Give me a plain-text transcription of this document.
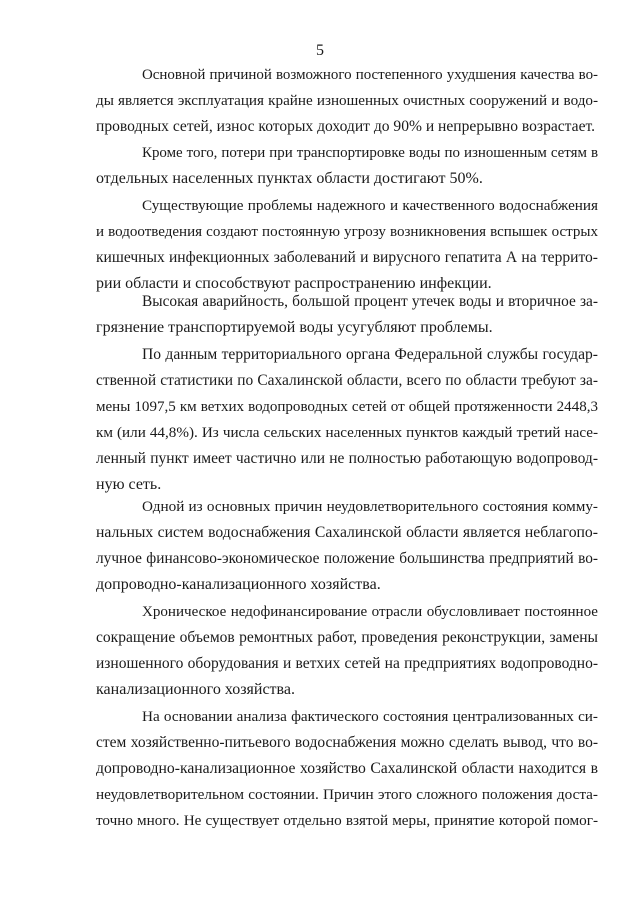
5
Основной причиной возможного постепенного ухудшения качества во-
ды является эксплуатация крайне изношенных очистных сооружений и водо-
проводных сетей, износ которых доходит до 90% и непрерывно возрастает.
Кроме того, потери при транспортировке воды по изношенным сетям в
отдельных населенных пунктах области достигают 50%.
Существующие проблемы надежного и качественного водоснабжения
и водоотведения создают постоянную угрозу возникновения вспышек острых
кишечных инфекционных заболеваний и вирусного гепатита А на террито-
рии области и способствуют распространению инфекции.
Высокая аварийность, большой процент утечек воды и вторичное за-
грязнение транспортируемой воды усугубляют проблемы.
По данным территориального органа Федеральной службы государ-
ственной статистики по Сахалинской области, всего по области требуют за-
мены 1097,5 км ветхих водопроводных сетей от общей протяженности 2448,3
км (или 44,8%). Из числа сельских населенных пунктов каждый третий насе-
ленный пункт имеет частично или не полностью работающую водопровод-
ную сеть.
Одной из основных причин неудовлетворительного состояния комму-
нальных систем водоснабжения Сахалинской области является неблагопо-
лучное финансово-экономическое положение большинства предприятий во-
допроводно-канализационного хозяйства.
Хроническое недофинансирование отрасли обусловливает постоянное
сокращение объемов ремонтных работ, проведения реконструкции, замены
изношенного оборудования и ветхих сетей на предприятиях водопроводно-
канализационного хозяйства.
На основании анализа фактического состояния централизованных си-
стем хозяйственно-питьевого водоснабжения можно сделать вывод, что во-
допроводно-канализационное хозяйство Сахалинской области находится в
неудовлетворительном состоянии. Причин этого сложного положения доста-
точно много. Не существует отдельно взятой меры, принятие которой помог-
